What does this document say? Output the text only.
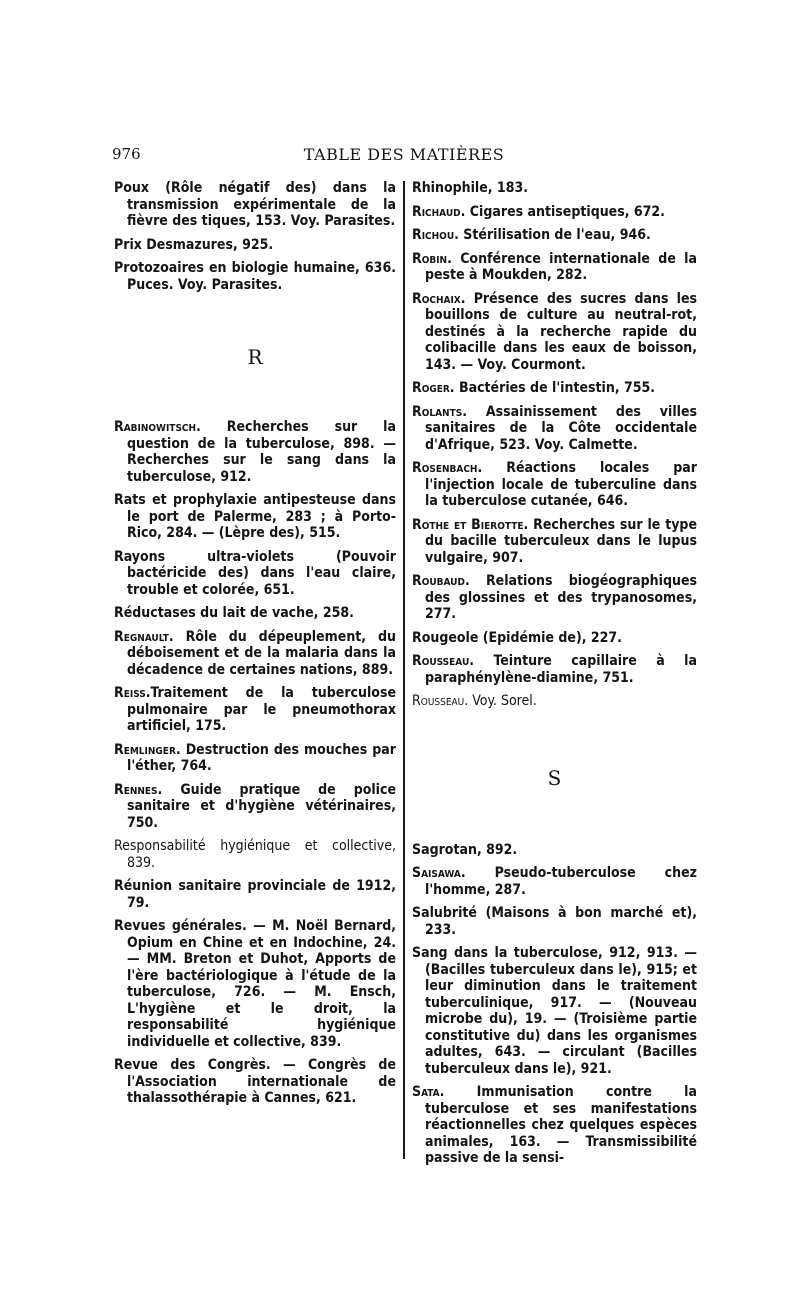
976	TABLE DES MATIÈRES

Poux (Rôle négatif des) dans la transmission expérimentale de la fièvre des tiques, 153. Voy. Parasites.

Prix Desmazures, 925.

Protozoaires en biologie humaine, 636. Puces. Voy. Parasites.

R

Rabinowitsch. Recherches sur la question de la tuberculose, 898. — Recherches sur le sang dans la tuberculose, 912.

Rats et prophylaxie antipesteuse dans le port de Palerme, 283 ; à Porto-Rico, 284. — (Lèpre des), 515.

Rayons ultra-violets (Pouvoir bactéricide des) dans l'eau claire, trouble et colorée, 651.

Réductases du lait de vache, 258.

Regnault. Rôle du dépeuplement, du déboisement et de la malaria dans la décadence de certaines nations, 889.

Reiss.Traitement de la tuberculose pulmonaire par le pneumothorax artificiel, 175.

Remlinger. Destruction des mouches par l'éther, 764.

Rennes. Guide pratique de police sanitaire et d'hygiène vétérinaires, 750.

Responsabilité hygiénique et collective, 839.

Réunion sanitaire provinciale de 1912, 79.

Revues générales. — M. Noël Bernard, Opium en Chine et en Indochine, 24. — MM. Breton et Duhot, Apports de l'ère bactériologique à l'étude de la tuberculose, 726. — M. Ensch, L'hygiène et le droit, la responsabilité hygiénique individuelle et collective, 839.

Revue des Congrès. — Congrès de l'Association internationale de thalassothérapie à Cannes, 621.

Rhinophile, 183.

Richaud. Cigares antiseptiques, 672.

Richou. Stérilisation de l'eau, 946.

Robin. Conférence internationale de la peste à Moukden, 282.

Rochaix. Présence des sucres dans les bouillons de culture au neutral-rot, destinés à la recherche rapide du colibacille dans les eaux de boisson, 143. — Voy. Courmont.

Roger. Bactéries de l'intestin, 755.

Rolants. Assainissement des villes sanitaires de la Côte occidentale d'Afrique, 523. Voy. Calmette.

Rosenbach. Réactions locales par l'injection locale de tuberculine dans la tuberculose cutanée, 646.

Rothe et Bierotte. Recherches sur le type du bacille tuberculeux dans le lupus vulgaire, 907.

Roubaud. Relations biogéographiques des glossines et des trypanosomes, 277.

Rougeole (Epidémie de), 227.

Rousseau. Teinture capillaire à la paraphénylène-diamine, 751.

Rousseau. Voy. Sorel.

S

Sagrotan, 892.

Saisawa. Pseudo-tuberculose chez l'homme, 287.

Salubrité (Maisons à bon marché et), 233.

Sang dans la tuberculose, 912, 913. — (Bacilles tuberculeux dans le), 915; et leur diminution dans le traitement tuberculinique, 917. — (Nouveau microbe du), 19. — (Troisième partie constitutive du) dans les organismes adultes, 643. — circulant (Bacilles tuberculeux dans le), 921.

Sata. Immunisation contre la tuberculose et ses manifestations réactionnelles chez quelques espèces animales, 163. — Transmissibilité passive de la sensi-
